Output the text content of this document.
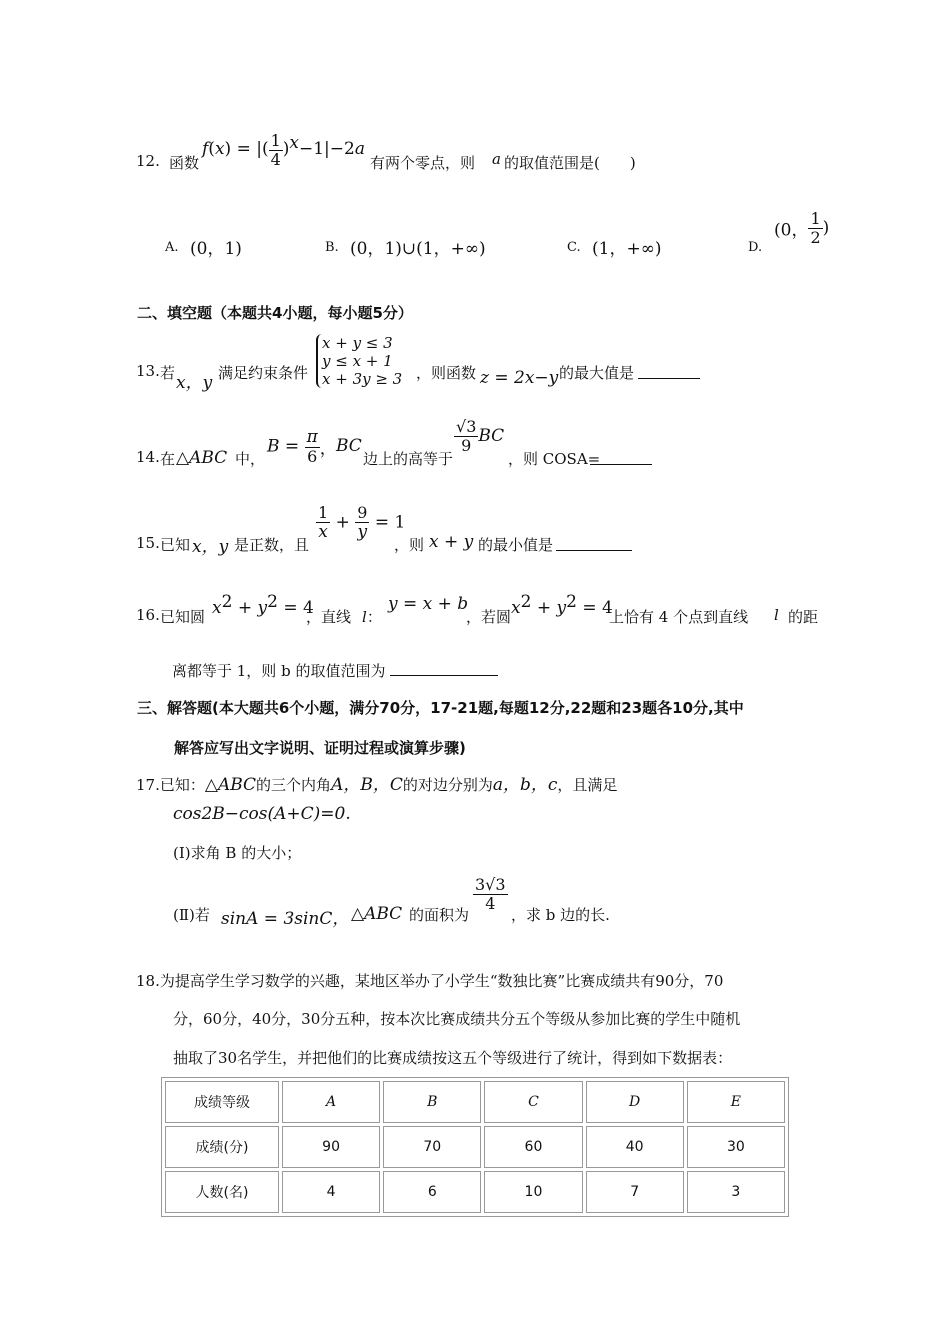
12. 函数
f(x) = |( $\frac{1}{4} )^x-1|-2a$
有两个零点，则 a 的取值范围是(　　)
A. (0，1)	B. (0，1)∪(1，+∞)	C. (1，+∞)	D.
(0， $\frac{1}{2}$ )
二、填空题（本题共4小题，每小题5分）
13. 若 x，y 满足约束条件
x + y ≤ 3
y ≤ x + 1
x + 3y ≥ 3 ，则函数 z = 2x−y 的最大值是
14. 在 △ABC 中，
$B = \frac{\pi}{6}$ ， BC
边上的高等于
$\frac{√3}{9}$ BC
，则 COSA=
15. 已知 x，y 是正数，且
$\frac{1}{x} + \frac{9}{y} = 1$
，则 x + y 的最小值是
16. 已知圆 $x^2 + y^2 = 4$
，直线 l：
y = x + b
，若圆 $x^2 + y^2 = 4$
上恰有 4 个点到直线 l 的距
离都等于 1，则 b 的取值范围为
三、解答题(本大题共6个小题，满分70分，17-21题,每题12分,22题和23题各10分,其中
解答应写出文字说明、证明过程或演算步骤)
17.已知：△ABC的三个内角A，B，C的对边分别为a，b，c，且满足
cos2B−cos(A+C)=0.
(Ⅰ)求角 B 的大小；
(Ⅱ)若 sinA = 3sinC， △ABC 的面积为
$\frac{3√3}{4}$
，求 b 边的长.
18.为提高学生学习数学的兴趣，某地区举办了小学生“数独比赛”比赛成绩共有90分，70
分，60分，40分，30分五种，按本次比赛成绩共分五个等级从参加比赛的学生中随机
抽取了30名学生，并把他们的比赛成绩按这五个等级进行了统计，得到如下数据表：
成绩等级	A	B	C	D	E
成绩(分)	90	70	60	40	30
人数(名)	4	6	10	7	3
